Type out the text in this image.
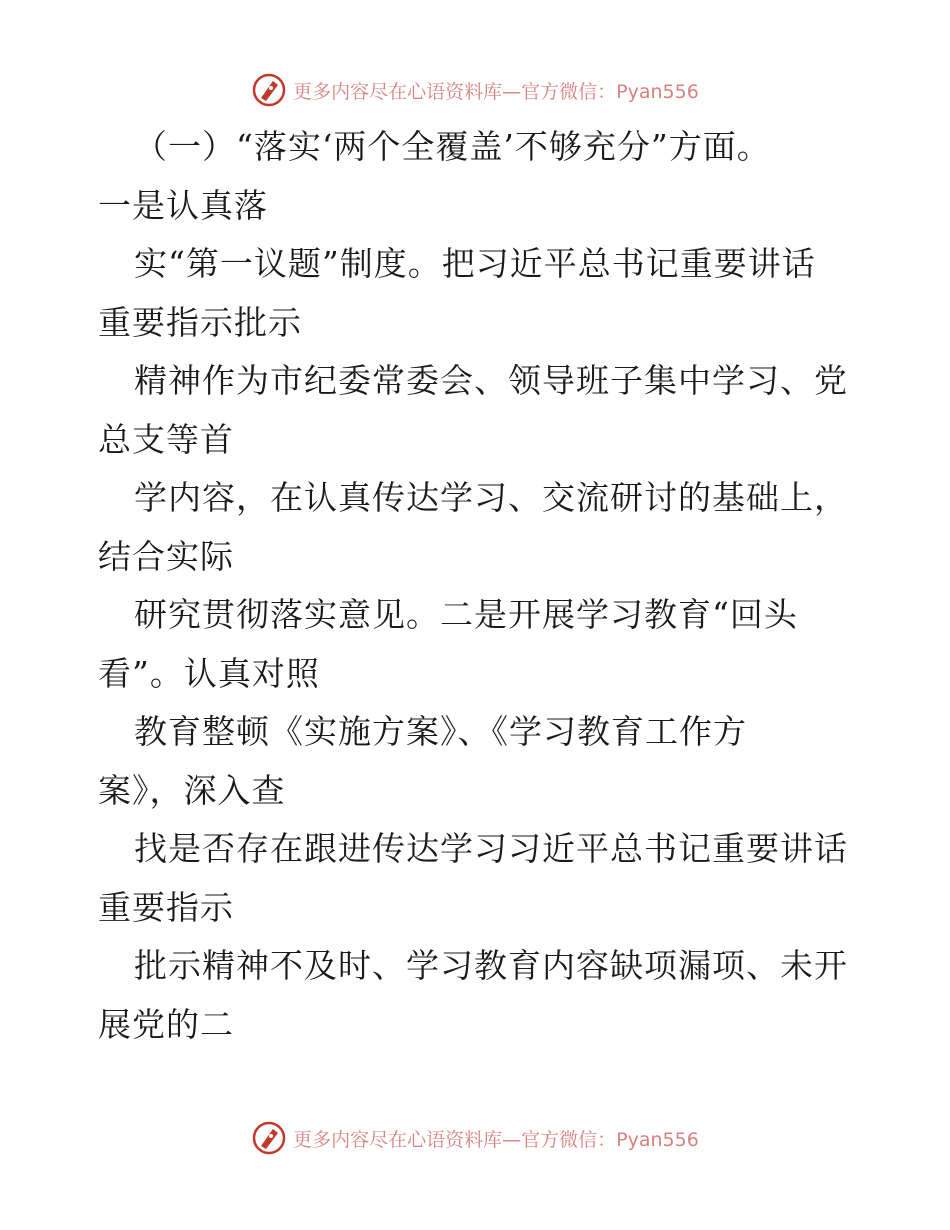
更多内容尽在心语资料库—官方微信：Pyan556
（一）“落实‘两个全覆盖’不够充分”方面。
一是认真落
实“第一议题”制度。把习近平总书记重要讲话
重要指示批示
精神作为市纪委常委会、领导班子集中学习、党
总支等首
学内容，在认真传达学习、交流研讨的基础上，
结合实际
研究贯彻落实意见。二是开展学习教育“回头
看”。认真对照
教育整顿《实施方案》、《学习教育工作方
案》，深入查
找是否存在跟进传达学习习近平总书记重要讲话
重要指示
批示精神不及时、学习教育内容缺项漏项、未开
展党的二
更多内容尽在心语资料库—官方微信：Pyan556
